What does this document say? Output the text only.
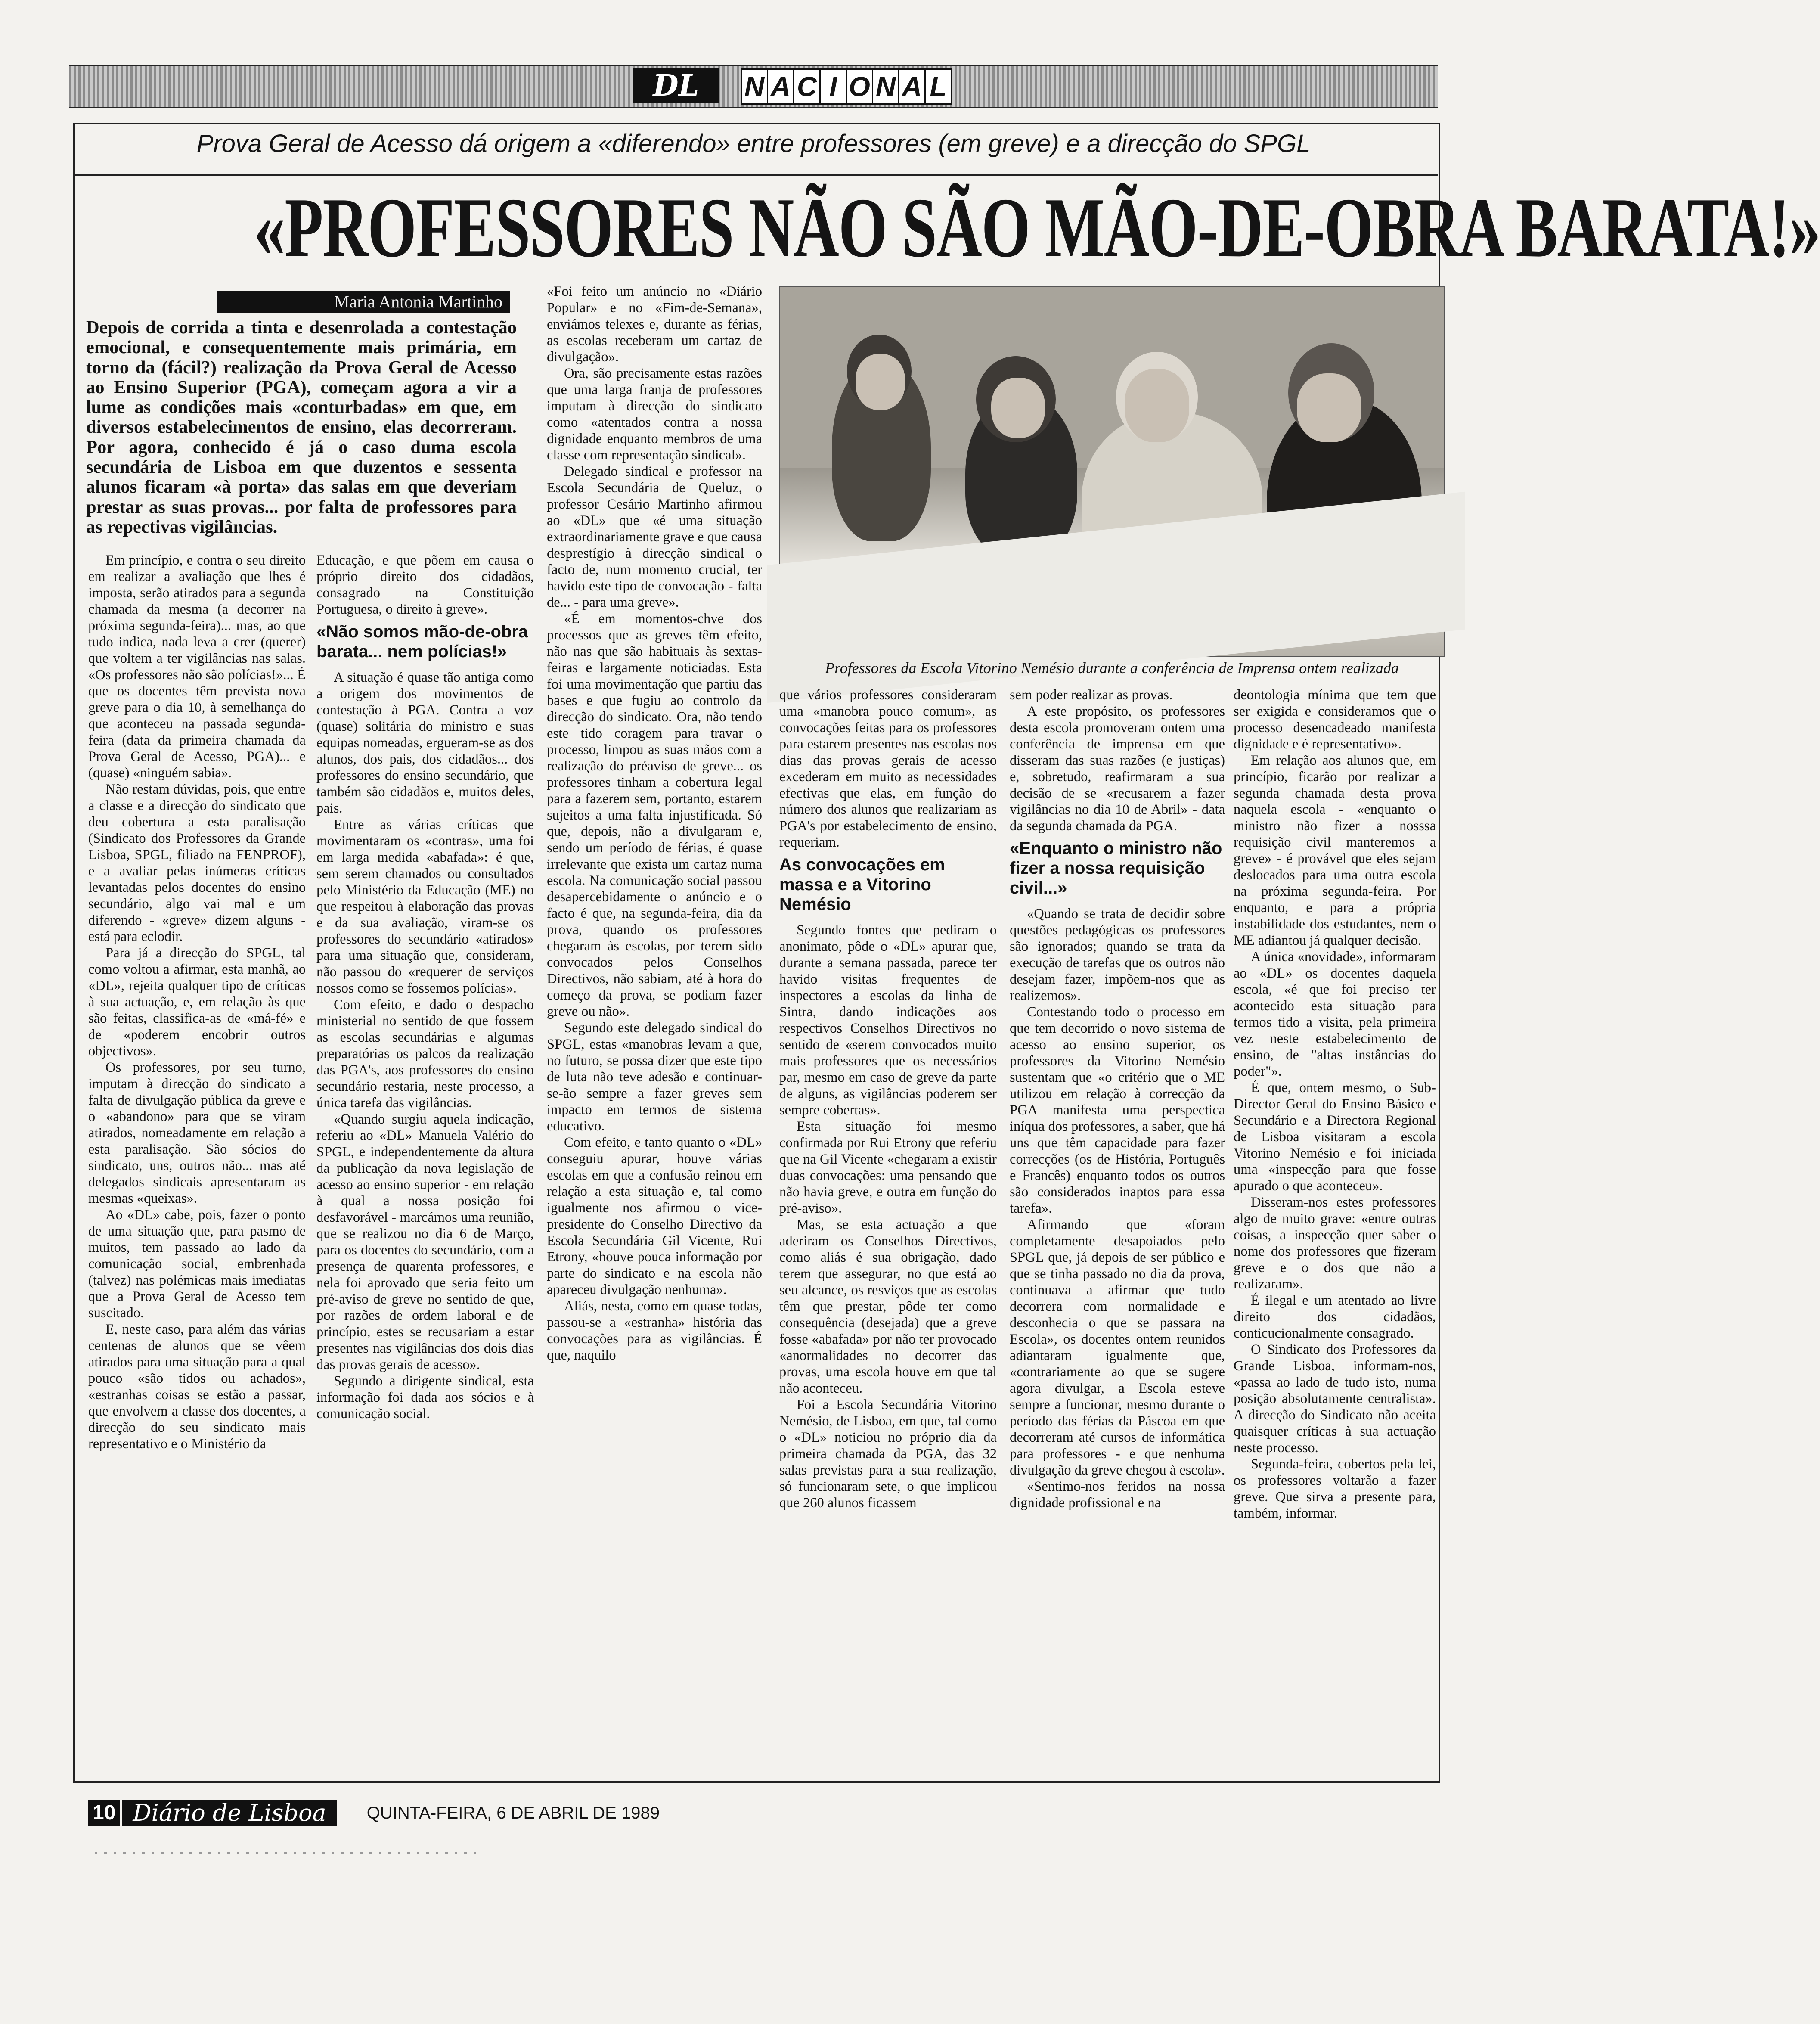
DL	N A C I O N A L
Prova Geral de Acesso dá origem a «diferendo» entre professores (em greve) e a direcção do SPGL
«PROFESSORES NÃO SÃO MÃO-DE-OBRA BARATA!»
Maria Antonia Martinho
Depois de corrida a tinta e desenrolada a contestação emocional, e consequentemente mais primária, em torno da (fácil?) realização da Prova Geral de Acesso ao Ensino Superior (PGA), começam agora a vir a lume as condições mais «conturbadas» em que, em diversos estabelecimentos de ensino, elas decorreram. Por agora, conhecido é já o caso duma escola secundária de Lisboa em que duzentos e sessenta alunos ficaram «à porta» das salas em que deveriam prestar as suas provas... por falta de professores para as repectivas vigilâncias.
Professores da Escola Vitorino Nemésio durante a conferência de Imprensa ontem realizada

Em princípio, e contra o seu direito em realizar a avaliação que lhes é imposta, serão atirados para a segunda chamada da mesma (a decorrer na próxima segunda-feira)... mas, ao que tudo indica, nada leva a crer (querer) que voltem a ter vigilâncias nas salas. «Os professores não são polícias!»... É que os docentes têm prevista nova greve para o dia 10, à semelhança do que aconteceu na passada segunda-feira (data da primeira chamada da Prova Geral de Acesso, PGA)... e (quase) «ninguém sabia».

Não restam dúvidas, pois, que entre a classe e a direcção do sindicato que deu cobertura a esta paralisação (Sindicato dos Professores da Grande Lisboa, SPGL, filiado na FENPROF), e a avaliar pelas inúmeras críticas levantadas pelos docentes do ensino secundário, algo vai mal e um diferendo - «greve» dizem alguns - está para eclodir.

Para já a direcção do SPGL, tal como voltou a afirmar, esta manhã, ao «DL», rejeita qualquer tipo de críticas à sua actuação, e, em relação às que são feitas, classifica-as de «má-fé» e de «poderem encobrir outros objectivos».

Os professores, por seu turno, imputam à direcção do sindicato a falta de divulgação pública da greve e o «abandono» para que se viram atirados, nomeadamente em relação a esta paralisação. São sócios do sindicato, uns, outros não... mas até delegados sindicais apresentaram as mesmas «queixas».

Ao «DL» cabe, pois, fazer o ponto de uma situação que, para pasmo de muitos, tem passado ao lado da comunicação social, embrenhada (talvez) nas polémicas mais imediatas que a Prova Geral de Acesso tem suscitado.

E, neste caso, para além das várias centenas de alunos que se vêem atirados para uma situação para a qual pouco «são tidos ou achados», «estranhas coisas se estão a passar, que envolvem a classe dos docentes, a direcção do seu sindicato mais representativo e o Ministério da

Educação, e que põem em causa o próprio direito dos cidadãos, consagrado na Constituição Portuguesa, o direito à greve».

«Não somos mão-de-obra barata... nem polícias!»

A situação é quase tão antiga como a origem dos movimentos de contestação à PGA. Contra a voz (quase) solitária do ministro e suas equipas nomeadas, ergueram-se as dos alunos, dos pais, dos cidadãos... dos professores do ensino secundário, que também são cidadãos e, muitos deles, pais.

Entre as várias críticas que movimentaram os «contras», uma foi em larga medida «abafada»: é que, sem serem chamados ou consultados pelo Ministério da Educação (ME) no que respeitou à elaboração das provas e da sua avaliação, viram-se os professores do secundário «atirados» para uma situação que, consideram, não passou do «requerer de serviços nossos como se fossemos polícias».

Com efeito, e dado o despacho ministerial no sentido de que fossem as escolas secundárias e algumas preparatórias os palcos da realização das PGA's, aos professores do ensino secundário restaria, neste processo, a única tarefa das vigilâncias.

«Quando surgiu aquela indicação, referiu ao «DL» Manuela Valério do SPGL, e independentemente da altura da publicação da nova legislação de acesso ao ensino superior - em relação à qual a nossa posição foi desfavorável - marcámos uma reunião, que se realizou no dia 6 de Março, para os docentes do secundário, com a presença de quarenta professores, e nela foi aprovado que seria feito um pré-aviso de greve no sentido de que, por razões de ordem laboral e de princípio, estes se recusariam a estar presentes nas vigilâncias dos dois dias das provas gerais de acesso».

Segundo a dirigente sindical, esta informação foi dada aos sócios e à comunicação social.

«Foi feito um anúncio no «Diário Popular» e no «Fim-de-Semana», enviámos telexes e, durante as férias, as escolas receberam um cartaz de divulgação».

Ora, são precisamente estas razões que uma larga franja de professores imputam à direcção do sindicato como «atentados contra a nossa dignidade enquanto membros de uma classe com representação sindical».

Delegado sindical e professor na Escola Secundária de Queluz, o professor Cesário Martinho afirmou ao «DL» que «é uma situação extraordinariamente grave e que causa desprestígio à direcção sindical o facto de, num momento crucial, ter havido este tipo de convocação - falta de... - para uma greve».

«É em momentos-chve dos processos que as greves têm efeito, não nas que são habituais às sextas-feiras e largamente noticiadas. Esta foi uma movimentação que partiu das bases e que fugiu ao controlo da direcção do sindicato. Ora, não tendo este tido coragem para travar o processo, limpou as suas mãos com a realização do préaviso de greve... os professores tinham a cobertura legal para a fazerem sem, portanto, estarem sujeitos a uma falta injustificada. Só que, depois, não a divulgaram e, sendo um período de férias, é quase irrelevante que exista um cartaz numa escola. Na comunicação social passou desapercebidamente o anúncio e o facto é que, na segunda-feira, dia da prova, quando os professores chegaram às escolas, por terem sido convocados pelos Conselhos Directivos, não sabiam, até à hora do começo da prova, se podiam fazer greve ou não».

Segundo este delegado sindical do SPGL, estas «manobras levam a que, no futuro, se possa dizer que este tipo de luta não teve adesão e continuar-se-ão sempre a fazer greves sem impacto em termos de sistema educativo.

Com efeito, e tanto quanto o «DL» conseguiu apurar, houve várias escolas em que a confusão reinou em relação a esta situação e, tal como igualmente nos afirmou o vice-presidente do Conselho Directivo da Escola Secundária Gil Vicente, Rui Etrony, «houve pouca informação por parte do sindicato e na escola não apareceu divulgação nenhuma».

Aliás, nesta, como em quase todas, passou-se a «estranha» história das convocações para as vigilâncias. É que, naquilo

que vários professores consideraram uma «manobra pouco comum», as convocações feitas para os professores para estarem presentes nas escolas nos dias das provas gerais de acesso excederam em muito as necessidades efectivas que elas, em função do número dos alunos que realizariam as PGA's por estabelecimento de ensino, requeriam.

As convocações em massa e a Vitorino Nemésio

Segundo fontes que pediram o anonimato, pôde o «DL» apurar que, durante a semana passada, parece ter havido visitas frequentes de inspectores a escolas da linha de Sintra, dando indicações aos respectivos Conselhos Directivos no sentido de «serem convocados muito mais professores que os necessários par, mesmo em caso de greve da parte de alguns, as vigilâncias poderem ser sempre cobertas».

Esta situação foi mesmo confirmada por Rui Etrony que referiu que na Gil Vicente «chegaram a existir duas convocações: uma pensando que não havia greve, e outra em função do pré-aviso».

Mas, se esta actuação a que aderiram os Conselhos Directivos, como aliás é sua obrigação, dado terem que assegurar, no que está ao seu alcance, os resviços que as escolas têm que prestar, pôde ter como consequência (desejada) que a greve fosse «abafada» por não ter provocado «anormalidades no decorrer das provas, uma escola houve em que tal não aconteceu.

Foi a Escola Secundária Vitorino Nemésio, de Lisboa, em que, tal como o «DL» noticiou no próprio dia da primeira chamada da PGA, das 32 salas previstas para a sua realização, só funcionaram sete, o que implicou que 260 alunos ficassem

sem poder realizar as provas.

A este propósito, os professores desta escola promoveram ontem uma conferência de imprensa em que disseram das suas razões (e justiças) e, sobretudo, reafirmaram a sua decisão de se «recusarem a fazer vigilâncias no dia 10 de Abril» - data da segunda chamada da PGA.

«Enquanto o ministro não fizer a nossa requisição civil...»

«Quando se trata de decidir sobre questões pedagógicas os professores são ignorados; quando se trata da execução de tarefas que os outros não desejam fazer, impõem-nos que as realizemos».

Contestando todo o processo em que tem decorrido o novo sistema de acesso ao ensino superior, os professores da Vitorino Nemésio sustentam que «o critério que o ME utilizou em relação à correcção da PGA manifesta uma perspectica iníqua dos professores, a saber, que há uns que têm capacidade para fazer correcções (os de História, Português e Francês) enquanto todos os outros são considerados inaptos para essa tarefa».

Afirmando que «foram completamente desapoiados pelo SPGL que, já depois de ser público e que se tinha passado no dia da prova, continuava a afirmar que tudo decorrera com normalidade e desconhecia o que se passara na Escola», os docentes ontem reunidos adiantaram igualmente que, «contrariamente ao que se sugere agora divulgar, a Escola esteve sempre a funcionar, mesmo durante o período das férias da Páscoa em que decorreram até cursos de informática para professores - e que nenhuma divulgação da greve chegou à escola».

«Sentimo-nos feridos na nossa dignidade profissional e na

deontologia mínima que tem que ser exigida e consideramos que o processo desencadeado manifesta dignidade e é representativo».

Em relação aos alunos que, em princípio, ficarão por realizar a segunda chamada desta prova naquela escola - «enquanto o ministro não fizer a nosssa requisição civil manteremos a greve» - é provável que eles sejam deslocados para uma outra escola na próxima segunda-feira. Por enquanto, e para a própria instabilidade dos estudantes, nem o ME adiantou já qualquer decisão.

A única «novidade», informaram ao «DL» os docentes daquela escola, «é que foi preciso ter acontecido esta situação para termos tido a visita, pela primeira vez neste estabelecimento de ensino, de "altas instâncias do poder"».

É que, ontem mesmo, o Sub-Director Geral do Ensino Básico e Secundário e a Directora Regional de Lisboa visitaram a escola Vitorino Nemésio e foi iniciada uma «inspecção para que fosse apurado o que aconteceu».

Disseram-nos estes professores algo de muito grave: «entre outras coisas, a inspecção quer saber o nome dos professores que fizeram greve e o dos que não a realizaram».

É ilegal e um atentado ao livre direito dos cidadãos, conticucionalmente consagrado.

O Sindicato dos Professores da Grande Lisboa, informam-nos, «passa ao lado de tudo isto, numa posição absolutamente centralista». A direcção do Sindicato não aceita quaisquer críticas à sua actuação neste processo.

Segunda-feira, cobertos pela lei, os professores voltarão a fazer greve. Que sirva a presente para, também, informar.

10 Diário de Lisboa	QUINTA-FEIRA, 6 DE ABRIL DE 1989
